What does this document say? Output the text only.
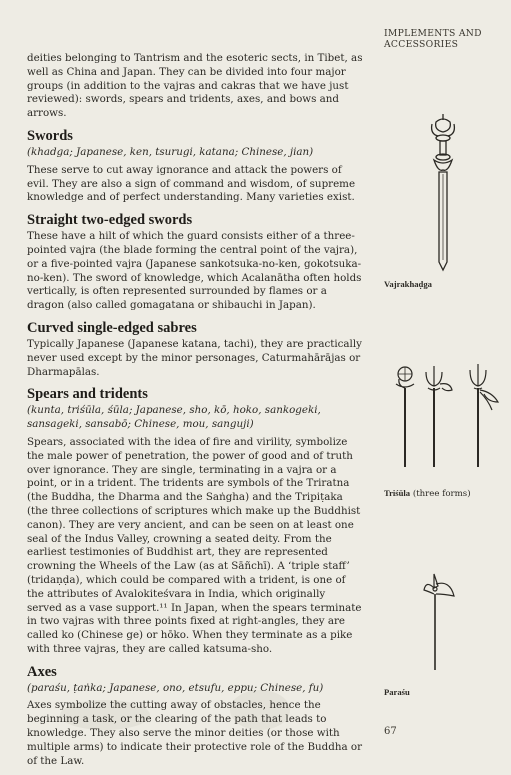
IMPLEMENTS AND ACCESSORIES

deities belonging to Tantrism and the esoteric sects, in Tibet, as well as China and Japan. They can be divided into four major groups (in addition to the vajras and cakras that we have just reviewed): swords, spears and tridents, axes, and bows and arrows.

Swords

(khadga; Japanese, ken, tsurugi, katana; Chinese, jian)

These serve to cut away ignorance and attack the powers of evil. They are also a sign of command and wisdom, of supreme knowledge and of perfect understanding. Many varieties exist.

Straight two-edged swords

These have a hilt of which the guard consists either of a three-pointed vajra (the blade forming the central point of the vajra), or a five-pointed vajra (Japanese sankotsuka-no-ken, gokotsuka-no-ken). The sword of knowledge, which Acalanātha often holds vertically, is often represented surrounded by flames or a dragon (also called gomagatana or shibauchi in Japan).

Curved single-edged sabres

Typically Japanese (Japanese katana, tachi), they are practically never used except by the minor personages, Caturmahārājas or Dharmapālas.

Spears and tridents

(kunta, triśūla, śūla; Japanese, sho, kō, hoko, sankogeki, sansageki, sansabō; Chinese, mou, sanguji)

Spears, associated with the idea of fire and virility, symbolize the male power of penetration, the power of good and of truth over ignorance. They are single, terminating in a vajra or a point, or in a trident. The tridents are symbols of the Triratna (the Buddha, the Dharma and the Saṅgha) and the Tripiṭaka (the three collections of scriptures which make up the Buddhist canon). They are very ancient, and can be seen on at least one seal of the Indus Valley, crowning a seated deity. From the earliest testimonies of Buddhist art, they are represented crowning the Wheels of the Law (as at Sāñchī). A ‘triple staff’ (tridaṇḍa), which could be compared with a trident, is one of the attributes of Avalokiteśvara in India, which originally served as a vase support.¹¹ In Japan, when the spears terminate in two vajras with three points fixed at right-angles, they are called ko (Chinese ge) or hōko. When they terminate as a pike with three vajras, they are called katsuma-sho.

Axes

(paraśu, ṭaṅka; Japanese, ono, etsufu, eppu; Chinese, fu)

Axes symbolize the cutting away of obstacles, hence the beginning a task, or the clearing of the path that leads to knowledge. They also serve the minor deities (or those with multiple arms) to indicate their protective role of the Buddha or of the Law.

Vajrakhaḍga
Triśūla (three forms)
Paraśu
67
